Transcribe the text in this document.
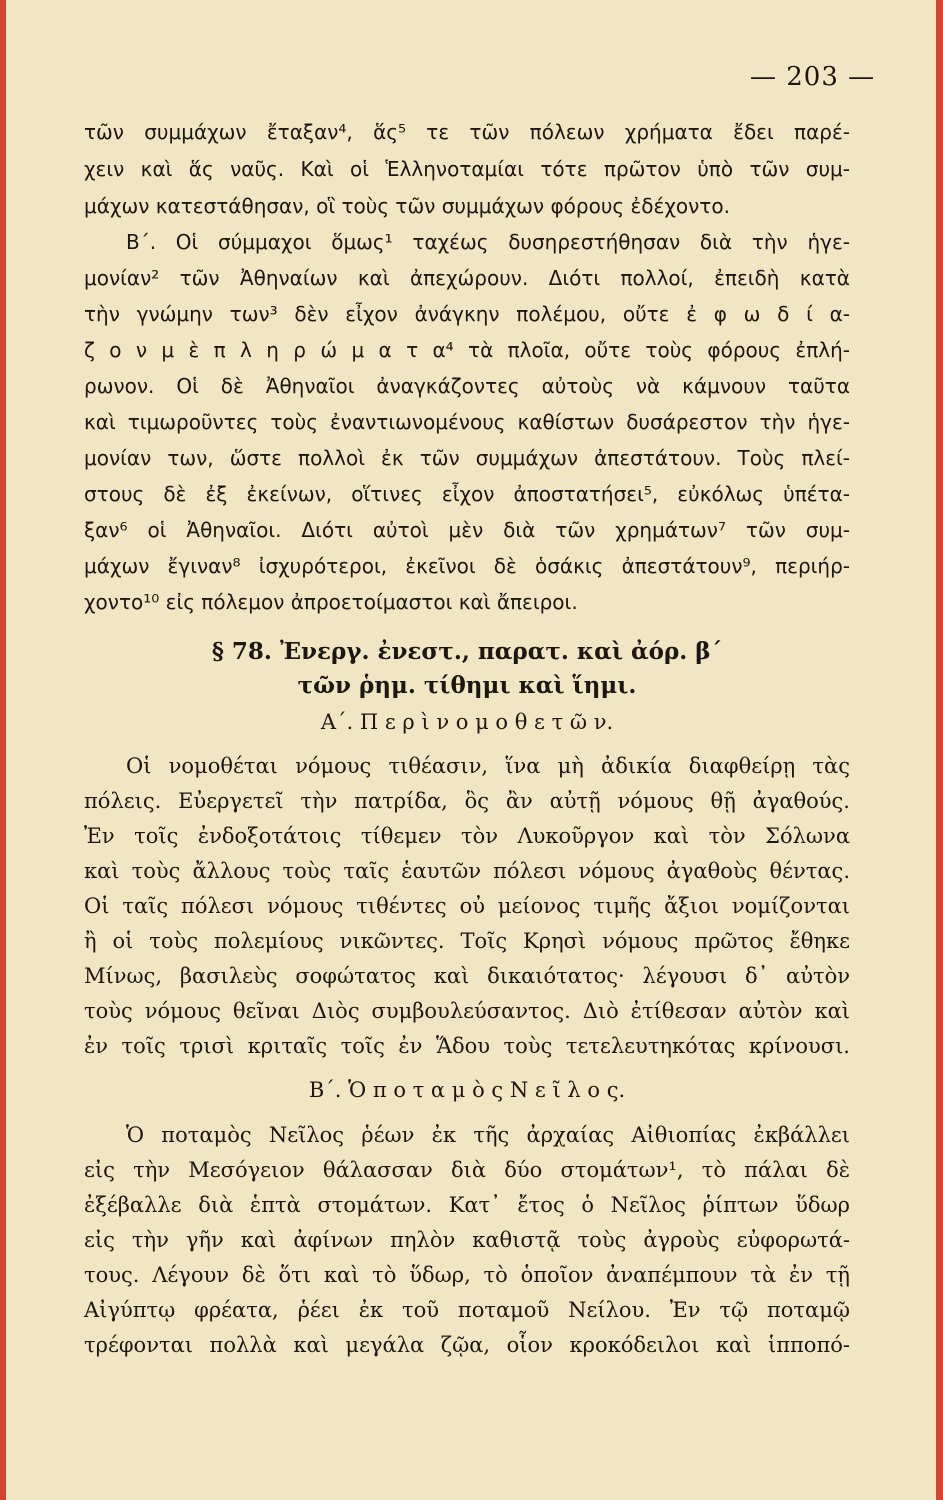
— 203 —
τῶν συμμάχων ἔταξαν⁴, ἅς⁵ τε τῶν πόλεων χρήματα ἔδει παρέ-
χειν καὶ ἅς ναῦς. Καὶ οἱ Ἑλληνοταμίαι τότε πρῶτον ὑπὸ τῶν συμ-
μάχων κατεστάθησαν, οἳ τοὺς τῶν συμμάχων φόρους ἐδέχοντο.
Β΄. Οἱ σύμμαχοι ὅμως¹ ταχέως δυσηρεστήθησαν διὰ τὴν ἡγε-
μονίαν² τῶν Ἀθηναίων καὶ ἀπεχώρουν. Διότι πολλοί, ἐπειδὴ κατὰ
τὴν γνώμην των³ δὲν εἶχον ἀνάγκην πολέμου, οὔτε ἐ φ ω δ ί α-
ζ ο ν μ ὲ π λ η ρ ώ μ α τ α⁴ τὰ πλοῖα, οὔτε τοὺς φόρους ἐπλή-
ρωνον. Οἱ δὲ Ἀθηναῖοι ἀναγκάζοντες αὐτοὺς νὰ κάμνουν ταῦτα
καὶ τιμωροῦντες τοὺς ἐναντιωνομένους καθίστων δυσάρεστον τὴν ἡγε-
μονίαν των, ὥστε πολλοὶ ἐκ τῶν συμμάχων ἀπεστάτουν. Τοὺς πλεί-
στους δὲ ἐξ ἐκείνων, οἵτινες εἶχον ἀποστατήσει⁵, εὐκόλως ὑπέτα-
ξαν⁶ οἱ Ἀθηναῖοι. Διότι αὐτοὶ μὲν διὰ τῶν χρημάτων⁷ τῶν συμ-
μάχων ἔγιναν⁸ ἰσχυρότεροι, ἐκεῖνοι δὲ ὁσάκις ἀπεστάτουν⁹, περιήρ-
χοντο¹⁰ εἰς πόλεμον ἀπροετοίμαστοι καὶ ἄπειροι.
§ 78. Ἐνεργ. ἐνεστ., παρατ. καὶ ἀόρ. β΄
τῶν ῥημ. τίθημι καὶ ἵημι.
Α΄. Π ε ρ ὶ ν ο μ ο θ ε τ ῶ ν.
Οἱ νομοθέται νόμους τιθέασιν, ἵνα μὴ ἀδικία διαφθείρῃ τὰς
πόλεις. Εὐεργετεῖ τὴν πατρίδα, ὃς ἂν αὐτῇ νόμους θῇ ἀγαθούς.
Ἐν τοῖς ἐνδοξοτάτοις τίθεμεν τὸν Λυκοῦργον καὶ τὸν Σόλωνα
καὶ τοὺς ἄλλους τοὺς ταῖς ἑαυτῶν πόλεσι νόμους ἀγαθοὺς θέντας.
Οἱ ταῖς πόλεσι νόμους τιθέντες οὐ μείονος τιμῆς ἄξιοι νομίζονται
ἢ οἱ τοὺς πολεμίους νικῶντες. Τοῖς Κρησὶ νόμους πρῶτος ἔθηκε
Μίνως, βασιλεὺς σοφώτατος καὶ δικαιότατος· λέγουσι δ᾽ αὐτὸν
τοὺς νόμους θεῖναι Διὸς συμβουλεύσαντος. Διὸ ἐτίθεσαν αὐτὸν καὶ
ἐν τοῖς τρισὶ κριταῖς τοῖς ἐν Ἅδου τοὺς τετελευτηκότας κρίνουσι.
Β΄. Ὁ π ο τ α μ ὸ ς Ν ε ῖ λ ο ς.
Ὁ ποταμὸς Νεῖλος ῥέων ἐκ τῆς ἀρχαίας Αἰθιοπίας ἐκβάλλει
εἰς τὴν Μεσόγειον θάλασσαν διὰ δύο στομάτων¹, τὸ πάλαι δὲ
ἐξέβαλλε διὰ ἑπτὰ στομάτων. Κατ᾽ ἔτος ὁ Νεῖλος ῥίπτων ὕδωρ
εἰς τὴν γῆν καὶ ἀφίνων πηλὸν καθιστᾷ τοὺς ἀγροὺς εὐφορωτά-
τους. Λέγουν δὲ ὅτι καὶ τὸ ὕδωρ, τὸ ὁποῖον ἀναπέμπουν τὰ ἐν τῇ
Αἰγύπτῳ φρέατα, ῥέει ἐκ τοῦ ποταμοῦ Νείλου. Ἐν τῷ ποταμῷ
τρέφονται πολλὰ καὶ μεγάλα ζῷα, οἷον κροκόδειλοι καὶ ἱπποπό-
